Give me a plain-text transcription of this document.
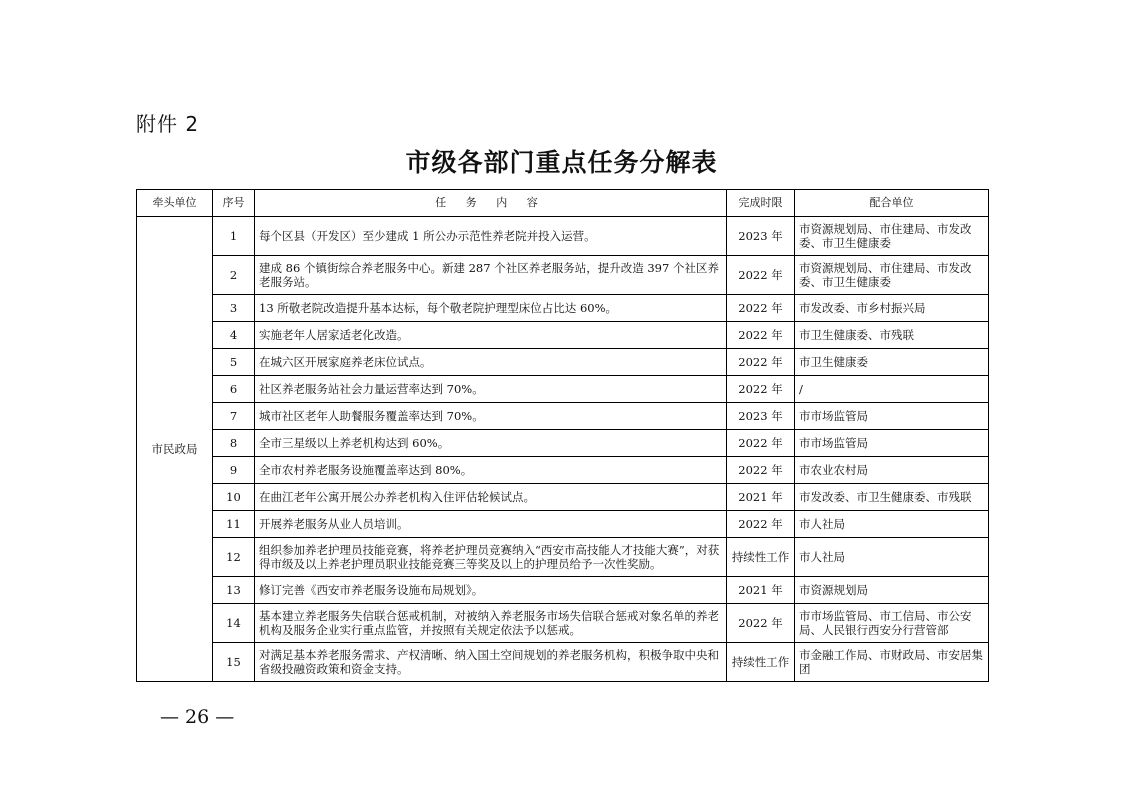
附件 2
市级各部门重点任务分解表
牵头单位	序号	任 务 内 容	完成时限	配合单位
市民政局	1	每个区县（开发区）至少建成 1 所公办示范性养老院并投入运营。	2023 年	市资源规划局、市住建局、市发改委、市卫生健康委
	2	建成 86 个镇街综合养老服务中心。新建 287 个社区养老服务站，提升改造 397 个社区养老服务站。	2022 年	市资源规划局、市住建局、市发改委、市卫生健康委
	3	13 所敬老院改造提升基本达标，每个敬老院护理型床位占比达 60%。	2022 年	市发改委、市乡村振兴局
	4	实施老年人居家适老化改造。	2022 年	市卫生健康委、市残联
	5	在城六区开展家庭养老床位试点。	2022 年	市卫生健康委
	6	社区养老服务站社会力量运营率达到 70%。	2022 年	/
	7	城市社区老年人助餐服务覆盖率达到 70%。	2023 年	市市场监管局
	8	全市三星级以上养老机构达到 60%。	2022 年	市市场监管局
	9	全市农村养老服务设施覆盖率达到 80%。	2022 年	市农业农村局
	10	在曲江老年公寓开展公办养老机构入住评估轮候试点。	2021 年	市发改委、市卫生健康委、市残联
	11	开展养老服务从业人员培训。	2022 年	市人社局
	12	组织参加养老护理员技能竞赛，将养老护理员竞赛纳入“西安市高技能人才技能大赛”，对获得市级及以上养老护理员职业技能竞赛三等奖及以上的护理员给予一次性奖励。	持续性工作	市人社局
	13	修订完善《西安市养老服务设施布局规划》。	2021 年	市资源规划局
	14	基本建立养老服务失信联合惩戒机制，对被纳入养老服务市场失信联合惩戒对象名单的养老机构及服务企业实行重点监管，并按照有关规定依法予以惩戒。	2022 年	市市场监管局、市工信局、市公安局、人民银行西安分行营管部
	15	对满足基本养老服务需求、产权清晰、纳入国土空间规划的养老服务机构，积极争取中央和省级投融资政策和资金支持。	持续性工作	市金融工作局、市财政局、市安居集团
— 26 —
